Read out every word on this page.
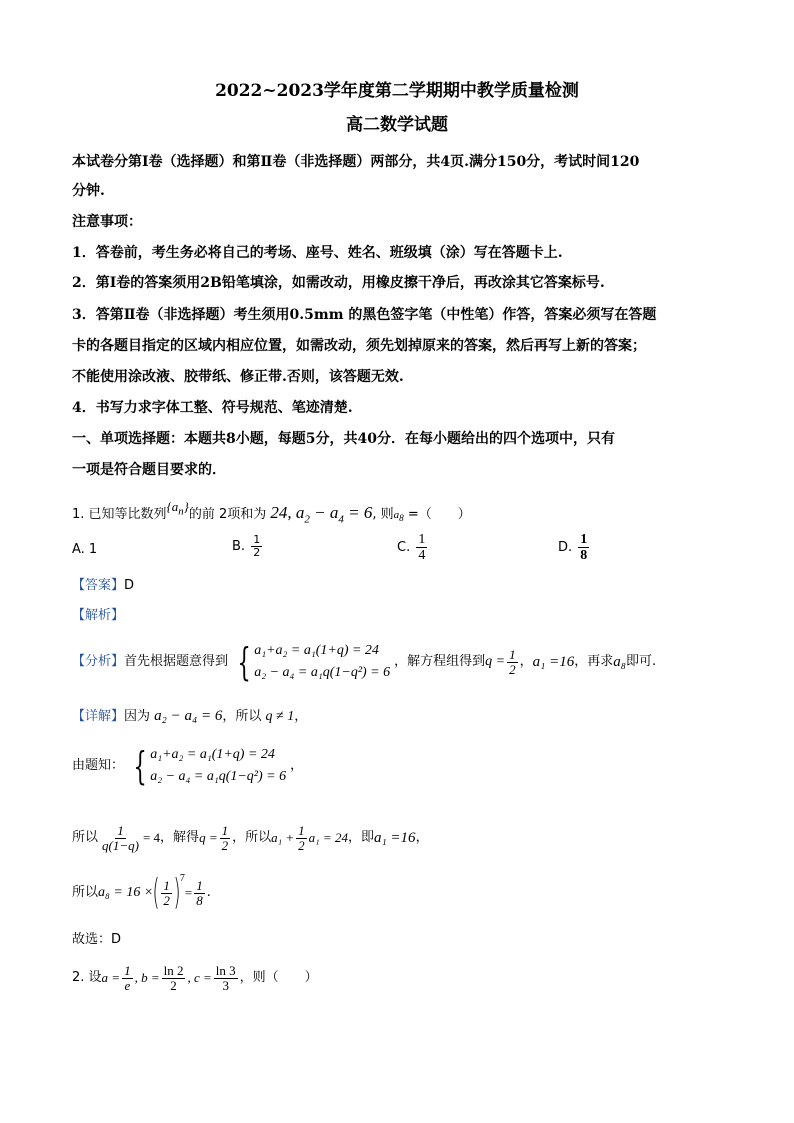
2022~2023学年度第二学期期中教学质量检测
高二数学试题
本试卷分第Ⅰ卷（选择题）和第Ⅱ卷（非选择题）两部分，共4页.满分150分，考试时间120
分钟.
注意事项：
1．答卷前，考生务必将自己的考场、座号、姓名、班级填（涂）写在答题卡上.
2．第Ⅰ卷的答案须用2B铅笔填涂，如需改动，用橡皮擦干净后，再改涂其它答案标号.
3．答第Ⅱ卷（非选择题）考生须用0.5mm 的黑色签字笔（中性笔）作答，答案必须写在答题
卡的各题目指定的区域内相应位置，如需改动，须先划掉原来的答案，然后再写上新的答案；
不能使用涂改液、胶带纸、修正带.否则，该答题无效.
4．书写力求字体工整、符号规范、笔迹清楚.
一、单项选择题：本题共8小题，每题5分，共40分．在每小题给出的四个选项中，只有
一项是符合题目要求的．
1. 已知等比数列$\{a_n\}$的前 2项和为 24, $a_2 - a_4 = 6$, 则$a_8$ =（　　）
A. 1	B. $\frac{1}{2}$	C. $\frac{1}{4}$	D. $\frac{1}{8}$
【答案】D
【解析】
【分析】 首先根据题意得到 { a₁+a₂ = a₁(1+q) = 24
a₂ − a₄ = a₁q(1−q²) = 6
，解方程组得到 $q = \frac{1}{2}$ ， a₁ =16 ，再求 a₈ 即可.
【详解】因为 a₂ − a₄ = 6，所以 q ≠ 1，
由题知： { a₁+a₂ = a₁(1+q) = 24
a₂ − a₄ = a₁q(1−q²) = 6
，
所以 $\frac{1}{q(1-q)} = 4$ ，解得 $q = \frac{1}{2}$ ，所以 $a_1 + \frac{1}{2} a_1 = 24$ ，即 a₁ =16 ，
所以 a₈ = 16 × ( $\frac{1}{2} )^7$
= $\frac{1}{8}$ .
故选：D
2. 设 $a = \frac{1}{e}$ , $b = \frac{\ln 2}{2}$ , $c = \frac{\ln 3}{3}$ ，则（　　）
